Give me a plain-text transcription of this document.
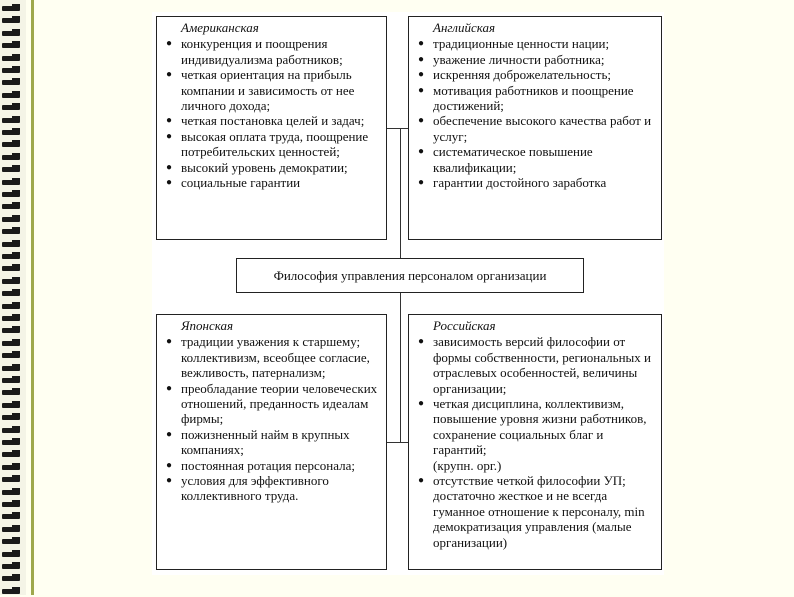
Американская
● конкуренция и поощрения индивидуализма работников;
● четкая ориентация на прибыль компании и зависимость от нее личного дохода;
● четкая постановка целей и задач;
● высокая оплата труда, поощрение потребительских ценностей;
● высокий уровень демократии;
● социальные гарантии
Английская
● традиционные ценности нации;
● уважение личности работника;
● искренняя доброжелательность;
● мотивация работников и поощрение достижений;
● обеспечение высокого качества работ и услуг;
● систематическое повышение квалификации;
● гарантии достойного заработка
Философия управления персоналом организации
Японская
● традиции уважения к старшему; коллективизм, всеобщее согласие, вежливость, патернализм;
● преобладание теории человеческих отношений, преданность идеалам фирмы;
● пожизненный найм в крупных компаниях;
● постоянная ротация персонала;
● условия для эффективного коллективного труда.
Российская
● зависимость версий философии от формы собственности, региональных и отраслевых особенностей, величины организации;
● четкая дисциплина, коллективизм, повышение уровня жизни работников, сохранение социальных благ и гарантий;
(крупн. орг.)
● отсутствие четкой философии УП; достаточно жесткое и не всегда гуманное отношение к персоналу, min демократизация управления (малые организации)
